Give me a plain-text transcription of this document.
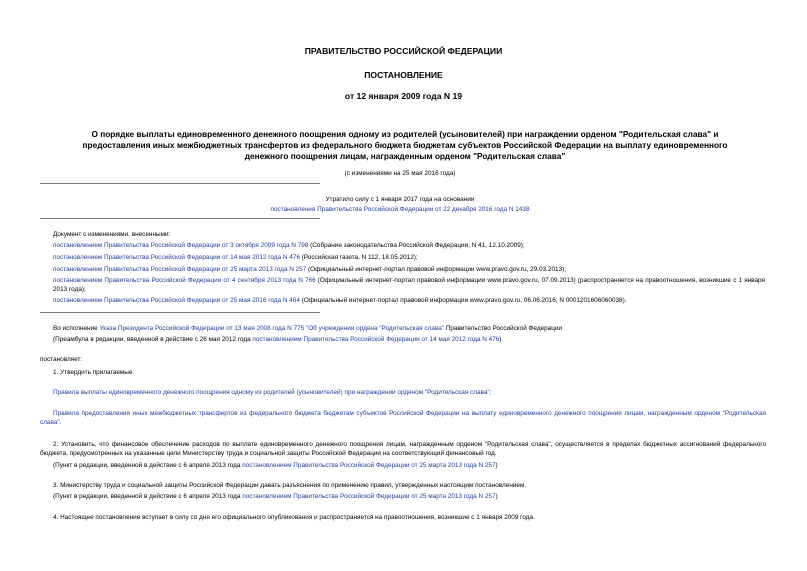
ПРАВИТЕЛЬСТВО РОССИЙСКОЙ ФЕДЕРАЦИИ
ПОСТАНОВЛЕНИЕ
от 12 января 2009 года N 19
О порядке выплаты единовременного денежного поощрения одному из родителей (усыновителей) при награждении орденом "Родительская слава" и предоставления иных межбюджетных трансфертов из федерального бюджета бюджетам субъектов Российской Федерации на выплату единовременного денежного поощрения лицам, награжденным орденом "Родительская слава"
(с изменениями на 25 мая 2016 года)
Утратило силу с 1 января 2017 года на основании
постановления Правительства Российской Федерации от 22 декабря 2016 года N 1438
Документ с изменениями, внесенными:
постановлением Правительства Российской Федерации от 3 октября 2009 года N 798 (Собрание законодательства Российской Федерации, N 41, 12.10.2009);
постановлением Правительства Российской Федерации от 14 мая 2012 года N 476 (Российская газета, N 112, 18.05.2012);
постановлением Правительства Российской Федерации от 25 марта 2013 года N 257 (Официальный интернет-портал правовой информации www.pravo.gov.ru, 29.03.2013);
постановлением Правительства Российской Федерации от 4 сентября 2013 года N 766 (Официальный интернет-портал правовой информации www.pravo.gov.ru, 07.09.2013) (распространяется на правоотношения, возникшие с 1 января 2013 года);
постановлением Правительства Российской Федерации от 25 мая 2016 года N 464 (Официальный интернет-портал правовой информации www.pravo.gov.ru, 06.06.2016, N 0001201606060038).
Во исполнение Указа Президента Российской Федерации от 13 мая 2008 года N 775 "Об учреждении ордена "Родительская слава" Правительство Российской Федерации
(Преамбула в редакции, введенной в действие с 26 мая 2012 года постановлением Правительства Российской Федерации от 14 мая 2012 года N 476)
постановляет:
1. Утвердить прилагаемые:
Правила выплаты единовременного денежного поощрения одному из родителей (усыновителей) при награждении орденом "Родительская слава";
Правила предоставления иных межбюджетных трансфертов из федерального бюджета бюджетам субъектов Российской Федерации на выплату единовременного денежного поощрения лицам, награжденным орденом "Родительская слава".
2. Установить, что финансовое обеспечение расходов по выплате единовременного денежного поощрения лицам, награжденным орденом "Родительская слава", осуществляется в пределах бюджетных ассигнований федерального бюджета, предусмотренных на указанные цели Министерству труда и социальной защиты Российской Федерации на соответствующий финансовый год.
(Пункт в редакции, введенной в действие с 6 апреля 2013 года постановлением Правительства Российской Федерации от 25 марта 2013 года N 257)
3. Министерству труда и социальной защиты Российской Федерации давать разъяснения по применению правил, утвержденных настоящим постановлением.
(Пункт в редакции, введенной в действие с 6 апреля 2013 года постановлением Правительства Российской Федерации от 25 марта 2013 года N 257)
4. Настоящее постановление вступает в силу со дня его официального опубликования и распространяется на правоотношения, возникшие с 1 января 2009 года.
